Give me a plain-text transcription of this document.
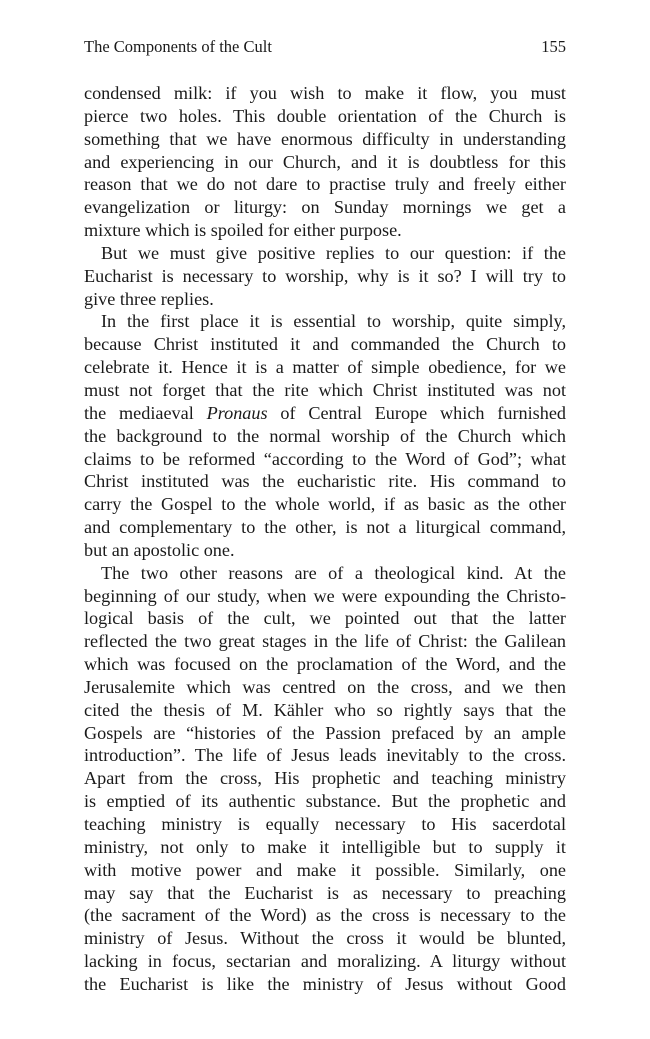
The Components of the Cult	155
condensed milk: if you wish to make it flow, you must
pierce two holes. This double orientation of the Church is
something that we have enormous difficulty in understanding
and experiencing in our Church, and it is doubtless for this
reason that we do not dare to practise truly and freely either
evangelization or liturgy: on Sunday mornings we get a
mixture which is spoiled for either purpose.
But we must give positive replies to our question: if the
Eucharist is necessary to worship, why is it so? I will try to
give three replies.
In the first place it is essential to worship, quite simply,
because Christ instituted it and commanded the Church to
celebrate it. Hence it is a matter of simple obedience, for we
must not forget that the rite which Christ instituted was not
the mediaeval Pronaus of Central Europe which furnished
the background to the normal worship of the Church which
claims to be reformed “according to the Word of God”; what
Christ instituted was the eucharistic rite. His command to
carry the Gospel to the whole world, if as basic as the other
and complementary to the other, is not a liturgical command,
but an apostolic one.
The two other reasons are of a theological kind. At the
beginning of our study, when we were expounding the Christo-
logical basis of the cult, we pointed out that the latter
reflected the two great stages in the life of Christ: the Galilean
which was focused on the proclamation of the Word, and the
Jerusalemite which was centred on the cross, and we then
cited the thesis of M. Kähler who so rightly says that the
Gospels are “histories of the Passion prefaced by an ample
introduction”. The life of Jesus leads inevitably to the cross.
Apart from the cross, His prophetic and teaching ministry
is emptied of its authentic substance. But the prophetic and
teaching ministry is equally necessary to His sacerdotal
ministry, not only to make it intelligible but to supply it
with motive power and make it possible. Similarly, one
may say that the Eucharist is as necessary to preaching
(the sacrament of the Word) as the cross is necessary to the
ministry of Jesus. Without the cross it would be blunted,
lacking in focus, sectarian and moralizing. A liturgy without
the Eucharist is like the ministry of Jesus without Good
